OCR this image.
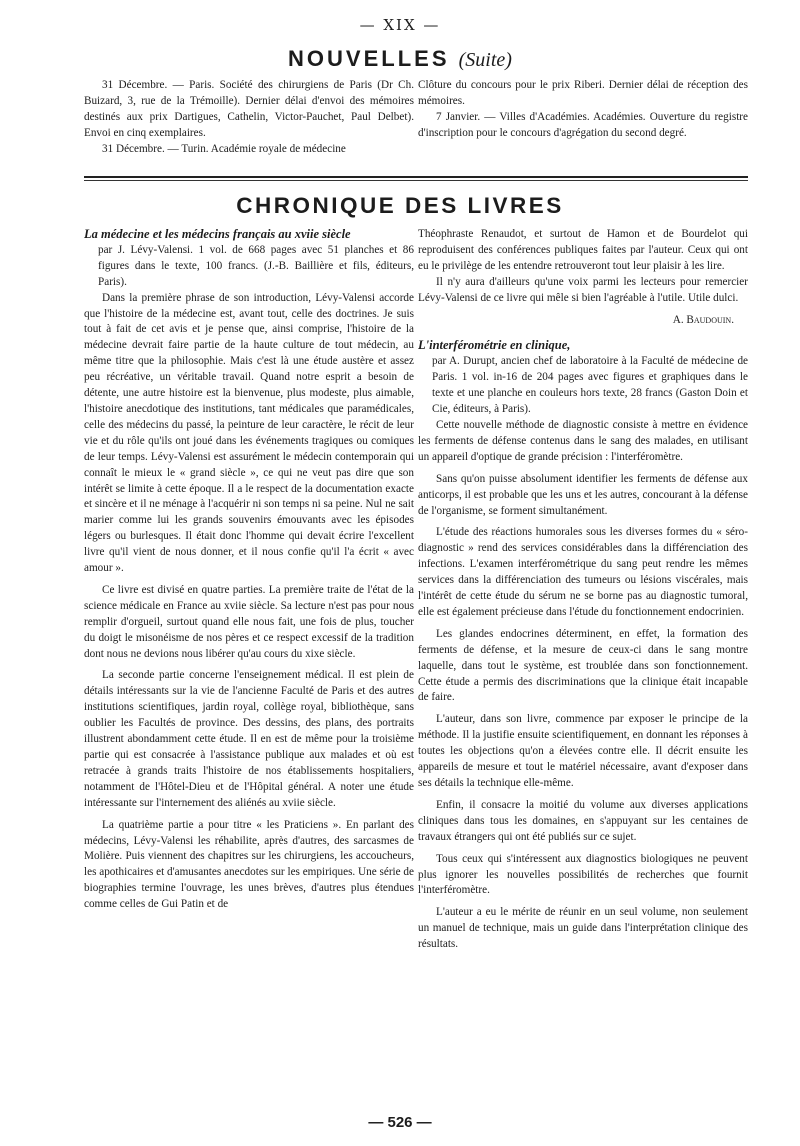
— XIX —
NOUVELLES (Suite)

31 Décembre. — Paris. Société des chirurgiens de Paris (Dr Ch. Buizard, 3, rue de la Trémoille). Dernier délai d'envoi des mémoires destinés aux prix Dartigues, Cathelin, Victor-Pauchet, Paul Delbet). Envoi en cinq exemplaires.

31 Décembre. — Turin. Académie royale de médecine

Clôture du concours pour le prix Riberi. Dernier délai de réception des mémoires.

7 Janvier. — Villes d'Académies. Académies. Ouverture du registre d'inscription pour le concours d'agrégation du second degré.

CHRONIQUE DES LIVRES

La médecine et les médecins français au xviie siècle

par J. Lévy-Valensi. 1 vol. de 668 pages avec 51 planches et 86 figures dans le texte, 100 francs. (J.-B. Baillière et fils, éditeurs, Paris).

Dans la première phrase de son introduction, Lévy-Valensi accorde que l'histoire de la médecine est, avant tout, celle des doctrines. Je suis tout à fait de cet avis et je pense que, ainsi comprise, l'histoire de la médecine devrait faire partie de la haute culture de tout médecin, au même titre que la philosophie. Mais c'est là une étude austère et assez peu récréative, un véritable travail. Quand notre esprit a besoin de détente, une autre histoire est la bienvenue, plus modeste, plus aimable, l'histoire anecdotique des institutions, tant médicales que paramédicales, celle des médecins du passé, la peinture de leur caractère, le récit de leur vie et du rôle qu'ils ont joué dans les événements tragiques ou comiques de leur temps. Lévy-Valensi est assurément le médecin contemporain qui connaît le mieux le « grand siècle », ce qui ne veut pas dire que son intérêt se limite à cette époque. Il a le respect de la documentation exacte et sincère et il ne ménage à l'acquérir ni son temps ni sa peine. Nul ne sait marier comme lui les grands souvenirs émouvants avec les épisodes légers ou burlesques. Il était donc l'homme qui devait écrire l'excellent livre qu'il vient de nous donner, et il nous confie qu'il l'a écrit « avec amour ».

Ce livre est divisé en quatre parties. La première traite de l'état de la science médicale en France au xviie siècle. Sa lecture n'est pas pour nous remplir d'orgueil, surtout quand elle nous fait, une fois de plus, toucher du doigt le misonéisme de nos pères et ce respect excessif de la tradition dont nous ne devions nous libérer qu'au cours du xixe siècle.

La seconde partie concerne l'enseignement médical. Il est plein de détails intéressants sur la vie de l'ancienne Faculté de Paris et des autres institutions scientifiques, jardin royal, collège royal, bibliothèque, sans oublier les Facultés de province. Des dessins, des plans, des portraits illustrent abondamment cette étude. Il en est de même pour la troisième partie qui est consacrée à l'assistance publique aux malades et où est retracée à grands traits l'histoire de nos établissements hospitaliers, notamment de l'Hôtel-Dieu et de l'Hôpital général. A noter une étude intéressante sur l'internement des aliénés au xviie siècle.

La quatrième partie a pour titre « les Praticiens ». En parlant des médecins, Lévy-Valensi les réhabilite, après d'autres, des sarcasmes de Molière. Puis viennent des chapitres sur les chirurgiens, les accoucheurs, les apothicaires et d'amusantes anecdotes sur les empiriques. Une série de biographies termine l'ouvrage, les unes brèves, d'autres plus étendues comme celles de Gui Patin et de

Théophraste Renaudot, et surtout de Hamon et de Bourdelot qui reproduisent des conférences publiques faites par l'auteur. Ceux qui ont eu le privilège de les entendre retrouveront tout leur plaisir à les lire.

Il n'y aura d'ailleurs qu'une voix parmi les lecteurs pour remercier Lévy-Valensi de ce livre qui mêle si bien l'agréable à l'utile. Utile dulci.

A. Baudouin.

L'interférométrie en clinique,

par A. Durupt, ancien chef de laboratoire à la Faculté de médecine de Paris. 1 vol. in-16 de 204 pages avec figures et graphiques dans le texte et une planche en couleurs hors texte, 28 francs (Gaston Doin et Cie, éditeurs, à Paris).

Cette nouvelle méthode de diagnostic consiste à mettre en évidence les ferments de défense contenus dans le sang des malades, en utilisant un appareil d'optique de grande précision : l'interféromètre.

Sans qu'on puisse absolument identifier les ferments de défense aux anticorps, il est probable que les uns et les autres, concourant à la défense de l'organisme, se forment simultanément.

L'étude des réactions humorales sous les diverses formes du « séro-diagnostic » rend des services considérables dans la différenciation des infections. L'examen interférométrique du sang peut rendre les mêmes services dans la différenciation des tumeurs ou lésions viscérales, mais l'intérêt de cette étude du sérum ne se borne pas au diagnostic tumoral, elle est également précieuse dans l'étude du fonctionnement endocrinien.

Les glandes endocrines déterminent, en effet, la formation des ferments de défense, et la mesure de ceux-ci dans le sang montre laquelle, dans tout le système, est troublée dans son fonctionnement. Cette étude a permis des discriminations que la clinique était incapable de faire.

L'auteur, dans son livre, commence par exposer le principe de la méthode. Il la justifie ensuite scientifiquement, en donnant les réponses à toutes les objections qu'on a élevées contre elle. Il décrit ensuite les appareils de mesure et tout le matériel nécessaire, avant d'exposer dans ses détails la technique elle-même.

Enfin, il consacre la moitié du volume aux diverses applications cliniques dans tous les domaines, en s'appuyant sur les centaines de travaux étrangers qui ont été publiés sur ce sujet.

Tous ceux qui s'intéressent aux diagnostics biologiques ne peuvent plus ignorer les nouvelles possibilités de recherches que fournit l'interféromètre.

L'auteur a eu le mérite de réunir en un seul volume, non seulement un manuel de technique, mais un guide dans l'interprétation clinique des résultats.

— 526 —
